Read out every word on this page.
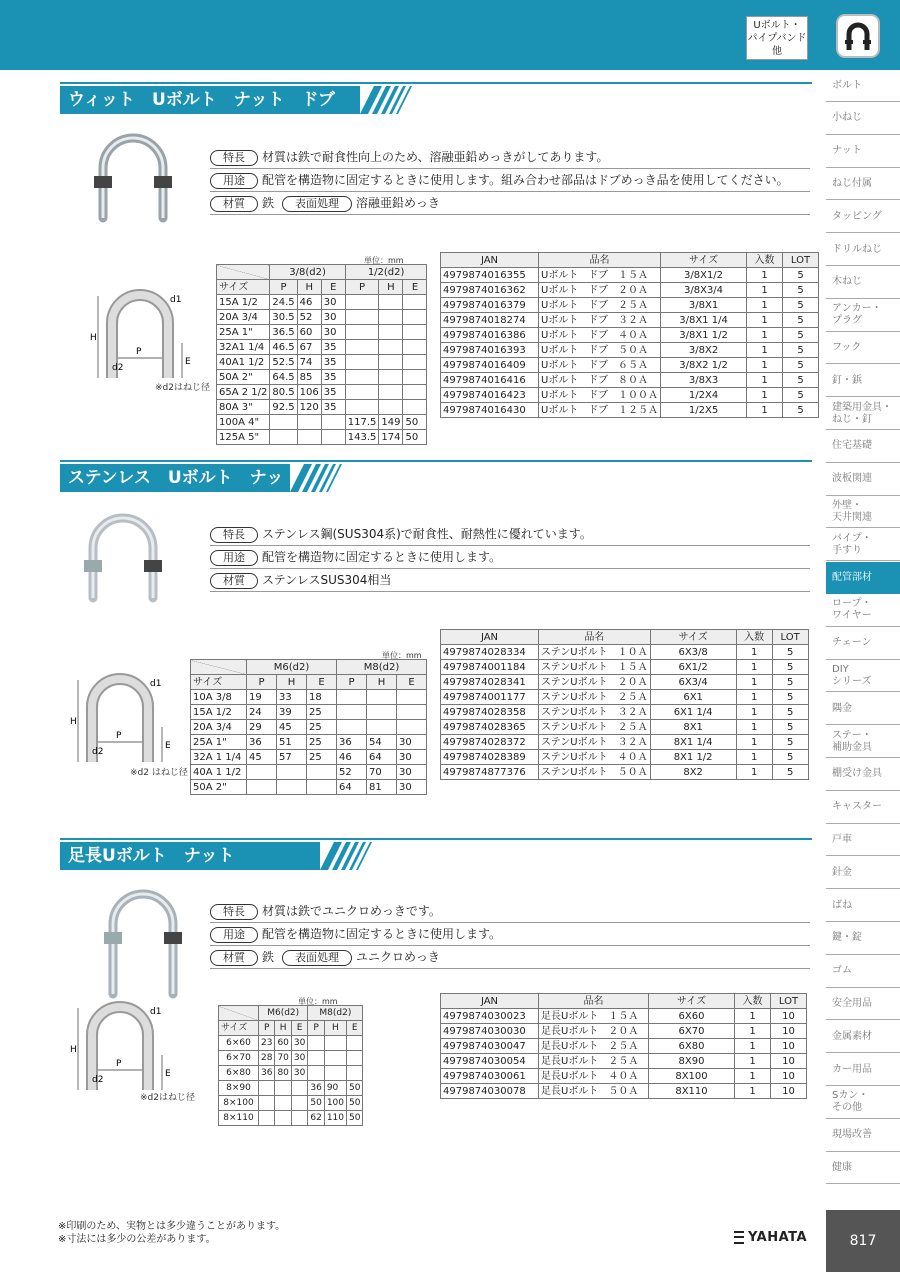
Uボルト・
パイプバンド
他
ボルト
小ねじ
ナット
ねじ付属
タッピング
ドリルねじ
木ねじ
アンカー・
プラグ
フック
釘・鋲
建築用金具・
ねじ・釘
住宅基礎
波板関連
外壁・
天井関連
パイプ・
手すり
配管部材
ロープ・
ワイヤー
チェーン
DIY
シリーズ
隅金
ステー・
補助金具
棚受け金具
キャスター
戸車
針金
ばね
鍵・錠
ゴム
安全用品
金属素材
カー用品
Sカン・
その他
現場改善
健康
817
ウィット　Uボルト　ナット　ドブ
特長 材質は鉄で耐食性向上のため、溶融亜鉛めっきがしてあります。
用途 配管を構造物に固定するときに使用します。組み合わせ部品はドブめっき品を使用してください。
材質 鉄 表面処理 溶融亜鉛めっき
H
P
E
d1
d2
※d2はねじ径
単位：mm
	3/8(d2)			1/2(d2)		
サイズ	P	H	E	P	H	E
15A 1/2	24.5	46	30			
20A 3/4	30.5	52	30			
25A 1"	36.5	60	30			
32A1 1/4	46.5	67	35			
40A1 1/2	52.5	74	35			
50A 2"	64.5	85	35			
65A 2 1/2	80.5	106	35			
80A 3"	92.5	120	35			
100A 4"				117.5	149	50
125A 5"				143.5	174	50
JAN	品名	サイズ	入数	LOT
4979874016355	Uボルト　ドブ　１５Ａ	3/8X1/2	1	5
4979874016362	Uボルト　ドブ　２０Ａ	3/8X3/4	1	5
4979874016379	Uボルト　ドブ　２５Ａ	3/8X1	1	5
4979874018274	Uボルト　ドブ　３２Ａ	3/8X1 1/4	1	5
4979874016386	Uボルト　ドブ　４０Ａ	3/8X1 1/2	1	5
4979874016393	Uボルト　ドブ　５０Ａ	3/8X2	1	5
4979874016409	Uボルト　ドブ　６５Ａ	3/8X2 1/2	1	5
4979874016416	Uボルト　ドブ　８０Ａ	3/8X3	1	5
4979874016423	Uボルト　ドブ　１００Ａ	1/2X4	1	5
4979874016430	Uボルト　ドブ　１２５Ａ	1/2X5	1	5
ステンレス　Uボルト　ナット
特長 ステンレス鋼(SUS304系)で耐食性、耐熱性に優れています。
用途 配管を構造物に固定するときに使用します。
材質 ステンレスSUS304相当
H
P
E
d1
d2
※d2 はねじ径
単位：mm
	M6(d2)			M8(d2)		
サイズ	P	H	E	P	H	E
10A 3/8	19	33	18			
15A 1/2	24	39	25			
20A 3/4	29	45	25			
25A 1"	36	51	25	36	54	30
32A 1 1/4	45	57	25	46	64	30
40A 1 1/2				52	70	30
50A 2"				64	81	30
JAN	品名	サイズ	入数	LOT
4979874028334	ステンUボルト　１０Ａ	6X3/8	1	5
4979874001184	ステンUボルト　１５Ａ	6X1/2	1	5
4979874028341	ステンUボルト　２０Ａ	6X3/4	1	5
4979874001177	ステンUボルト　２５Ａ	6X1	1	5
4979874028358	ステンUボルト　３２Ａ	6X1 1/4	1	5
4979874028365	ステンUボルト　２５Ａ	8X1	1	5
4979874028372	ステンUボルト　３２Ａ	8X1 1/4	1	5
4979874028389	ステンUボルト　４０Ａ	8X1 1/2	1	5
4979874877376	ステンUボルト　５０Ａ	8X2	1	5
足長Uボルト　ナット
特長 材質は鉄でユニクロめっきです。
用途 配管を構造物に固定するときに使用します。
材質 鉄 表面処理 ユニクロめっき
H
P
E
d1
d2
※d2はねじ径
単位：mm
	M6(d2)			M8(d2)		
サイズ	P	H	E	P	H	E
6×60	23	60	30			
6×70	28	70	30			
6×80	36	80	30			
8×90				36	90	50
8×100				50	100	50
8×110				62	110	50
JAN	品名	サイズ	入数	LOT
4979874030023	足長Uボルト　１５Ａ	6X60	1	10
4979874030030	足長Uボルト　２０Ａ	6X70	1	10
4979874030047	足長Uボルト　２５Ａ	6X80	1	10
4979874030054	足長Uボルト　２５Ａ	8X90	1	10
4979874030061	足長Uボルト　４０Ａ	8X100	1	10
4979874030078	足長Uボルト　５０Ａ	8X110	1	10
※印刷のため、実物とは多少違うことがあります。
※寸法には多少の公差があります。	YAHATA
